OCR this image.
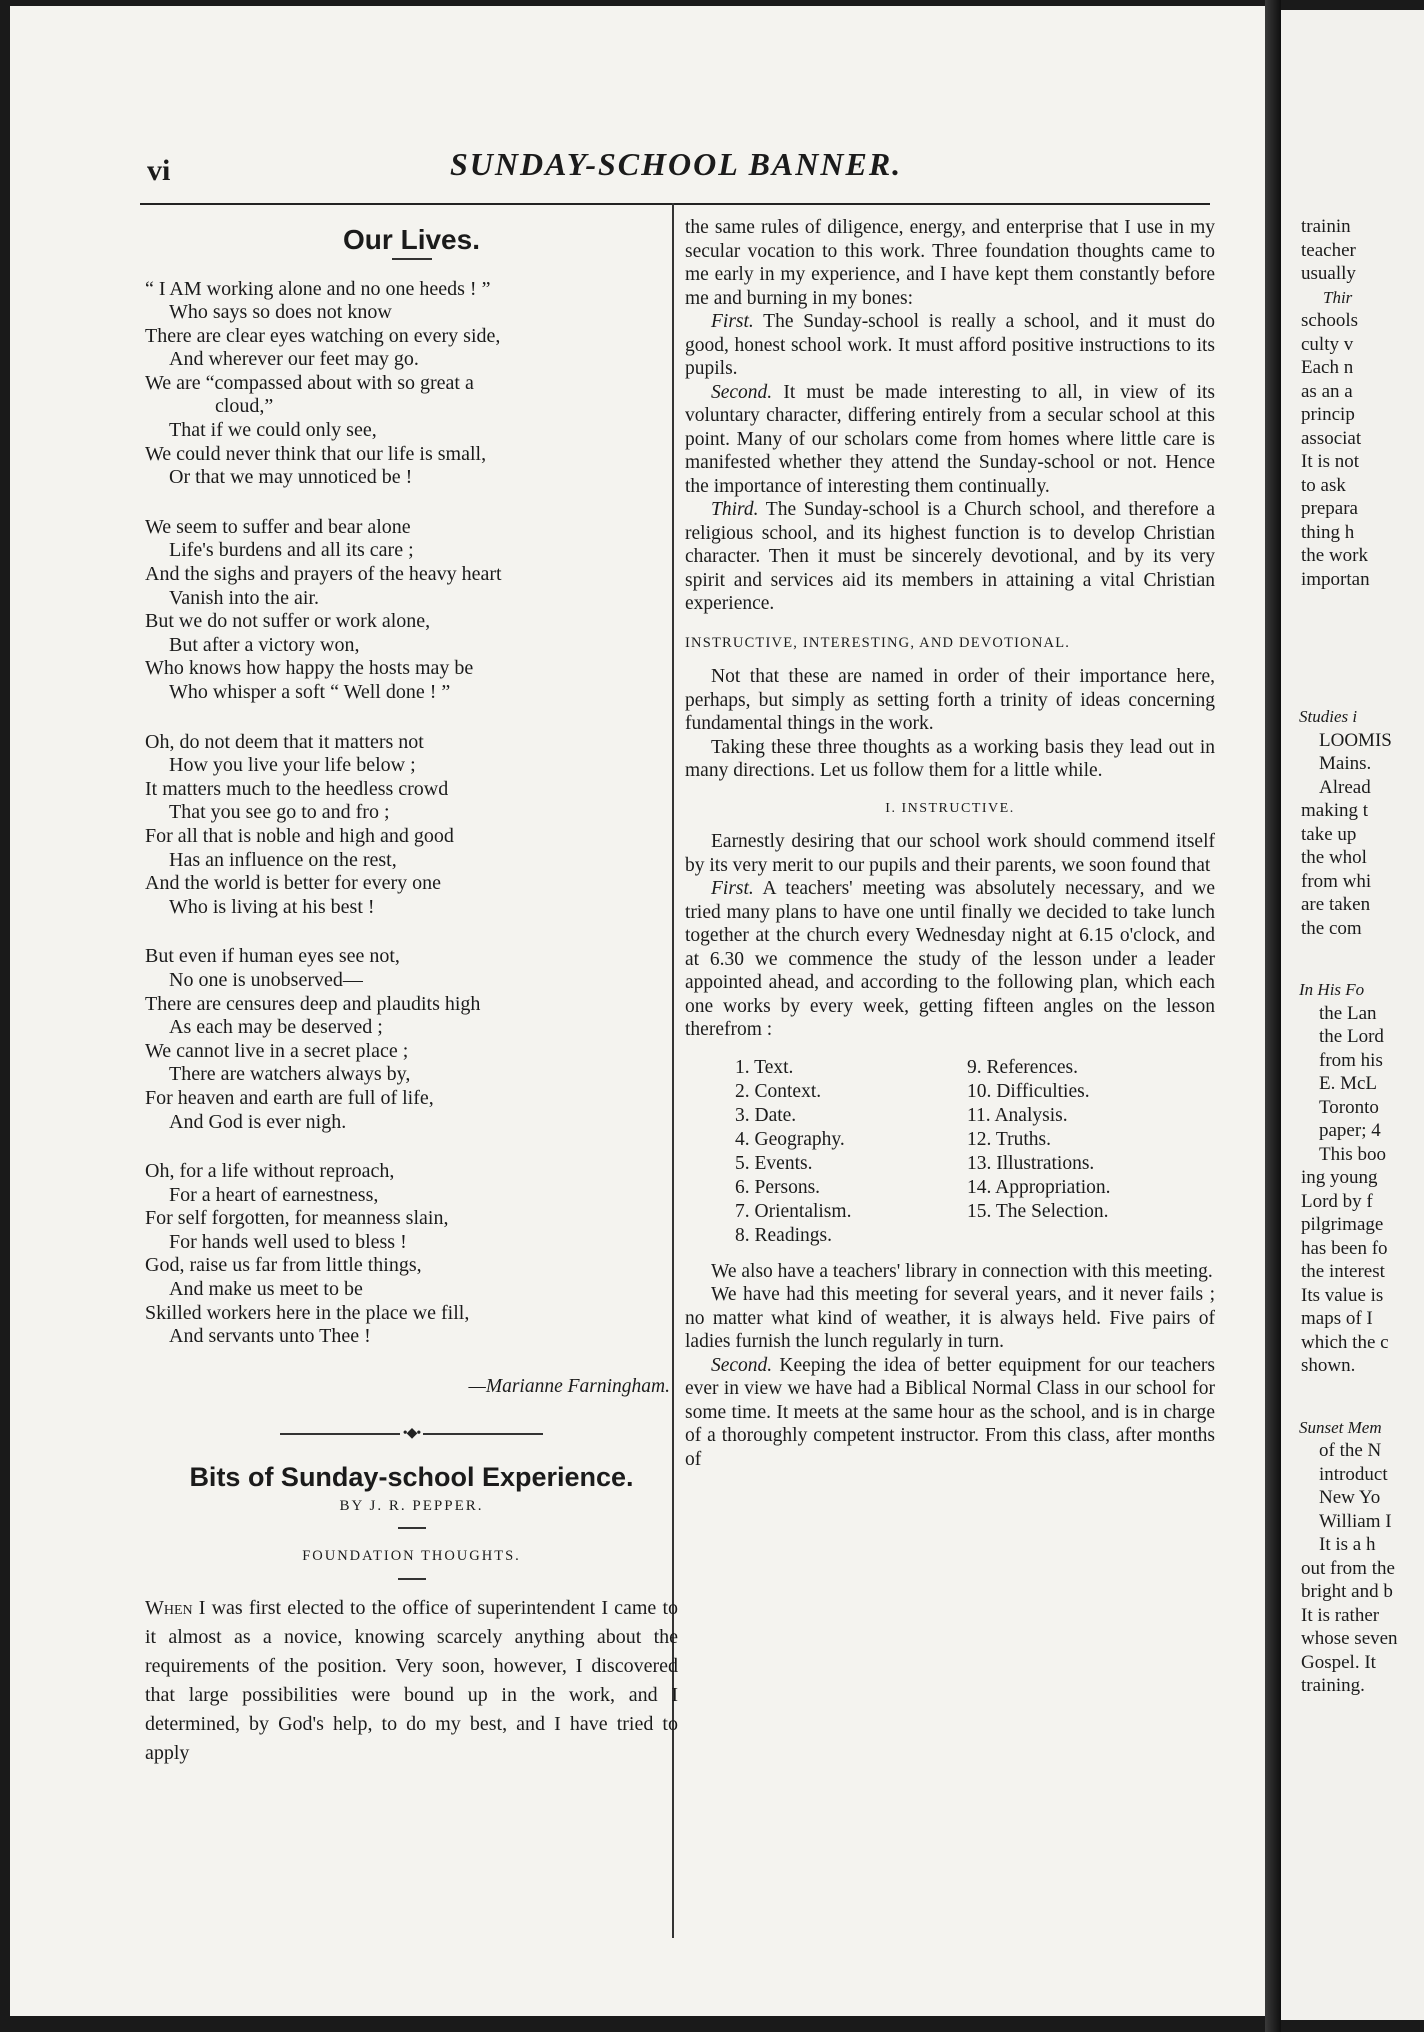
vi	SUNDAY-SCHOOL BANNER.
Our Lives.
“ I AM working alone and no one heeds ! ”
Who says so does not know
There are clear eyes watching on every side,
And wherever our feet may go.
We are “compassed about with so great a
cloud,”
That if we could only see,
We could never think that our life is small,
Or that we may unnoticed be !
We seem to suffer and bear alone
Life's burdens and all its care ;
And the sighs and prayers of the heavy heart
Vanish into the air.
But we do not suffer or work alone,
But after a victory won,
Who knows how happy the hosts may be
Who whisper a soft “ Well done ! ”
Oh, do not deem that it matters not
How you live your life below ;
It matters much to the heedless crowd
That you see go to and fro ;
For all that is noble and high and good
Has an influence on the rest,
And the world is better for every one
Who is living at his best !
But even if human eyes see not,
No one is unobserved—
There are censures deep and plaudits high
As each may be deserved ;
We cannot live in a secret place ;
There are watchers always by,
For heaven and earth are full of life,
And God is ever nigh.
Oh, for a life without reproach,
For a heart of earnestness,
For self forgotten, for meanness slain,
For hands well used to bless !
God, raise us far from little things,
And make us meet to be
Skilled workers here in the place we fill,
And servants unto Thee !
—Marianne Farningham.
•◆•
Bits of Sunday-school Experience.
BY J. R. PEPPER.
FOUNDATION THOUGHTS.

When I was first elected to the office of superintendent I came to it almost as a novice, knowing scarcely anything about the requirements of the position. Very soon, however, I discovered that large possibilities were bound up in the work, and I determined, by God's help, to do my best, and I have tried to apply

the same rules of diligence, energy, and enterprise that I use in my secular vocation to this work. Three foundation thoughts came to me early in my experience, and I have kept them constantly before me and burning in my bones:

First. The Sunday-school is really a school, and it must do good, honest school work. It must afford positive instructions to its pupils.

Second. It must be made interesting to all, in view of its voluntary character, differing entirely from a secular school at this point. Many of our scholars come from homes where little care is manifested whether they attend the Sunday-school or not. Hence the importance of interesting them continually.

Third. The Sunday-school is a Church school, and therefore a religious school, and its highest function is to develop Christian character. Then it must be sincerely devotional, and by its very spirit and services aid its members in attaining a vital Christian experience.

INSTRUCTIVE, INTERESTING, AND DEVOTIONAL.

Not that these are named in order of their importance here, perhaps, but simply as setting forth a trinity of ideas concerning fundamental things in the work.

Taking these three thoughts as a working basis they lead out in many directions. Let us follow them for a little while.

I. INSTRUCTIVE.

Earnestly desiring that our school work should commend itself by its very merit to our pupils and their parents, we soon found that

First. A teachers' meeting was absolutely necessary, and we tried many plans to have one until finally we decided to take lunch together at the church every Wednesday night at 6.15 o'clock, and at 6.30 we commence the study of the lesson under a leader appointed ahead, and according to the following plan, which each one works by every week, getting fifteen angles on the lesson therefrom :

1. Text.
2. Context.
3. Date.
4. Geography.
5. Events.
6. Persons.
7. Orientalism.
8. Readings.
9. References.
10. Difficulties.
11. Analysis.
12. Truths.
13. Illustrations.
14. Appropriation.
15. The Selection.

We also have a teachers' library in connection with this meeting.

We have had this meeting for several years, and it never fails ; no matter what kind of weather, it is always held. Five pairs of ladies furnish the lunch regularly in turn.

Second. Keeping the idea of better equipment for our teachers ever in view we have had a Biblical Normal Class in our school for some time. It meets at the same hour as the school, and is in charge of a thoroughly competent instructor. From this class, after months of

trainin
teacher
usually
Thir
schools
culty v
Each n
as an a
princip
associat
It is not
to ask
prepara
thing h
the work
importan
Studies i
LOOMIS
Mains.
Alread
making t
take up
the whol
from whi
are taken
the com
In His Fo
the Lan
the Lord
from his
E. McL
Toronto
paper; 4
This boo
ing young
Lord by f
pilgrimage
has been fo
the interest
Its value is
maps of I
which the c
shown.
Sunset Mem
of the N
introduct
New Yo
William I
It is a h
out from the
bright and b
It is rather
whose seven
Gospel. It
training.
